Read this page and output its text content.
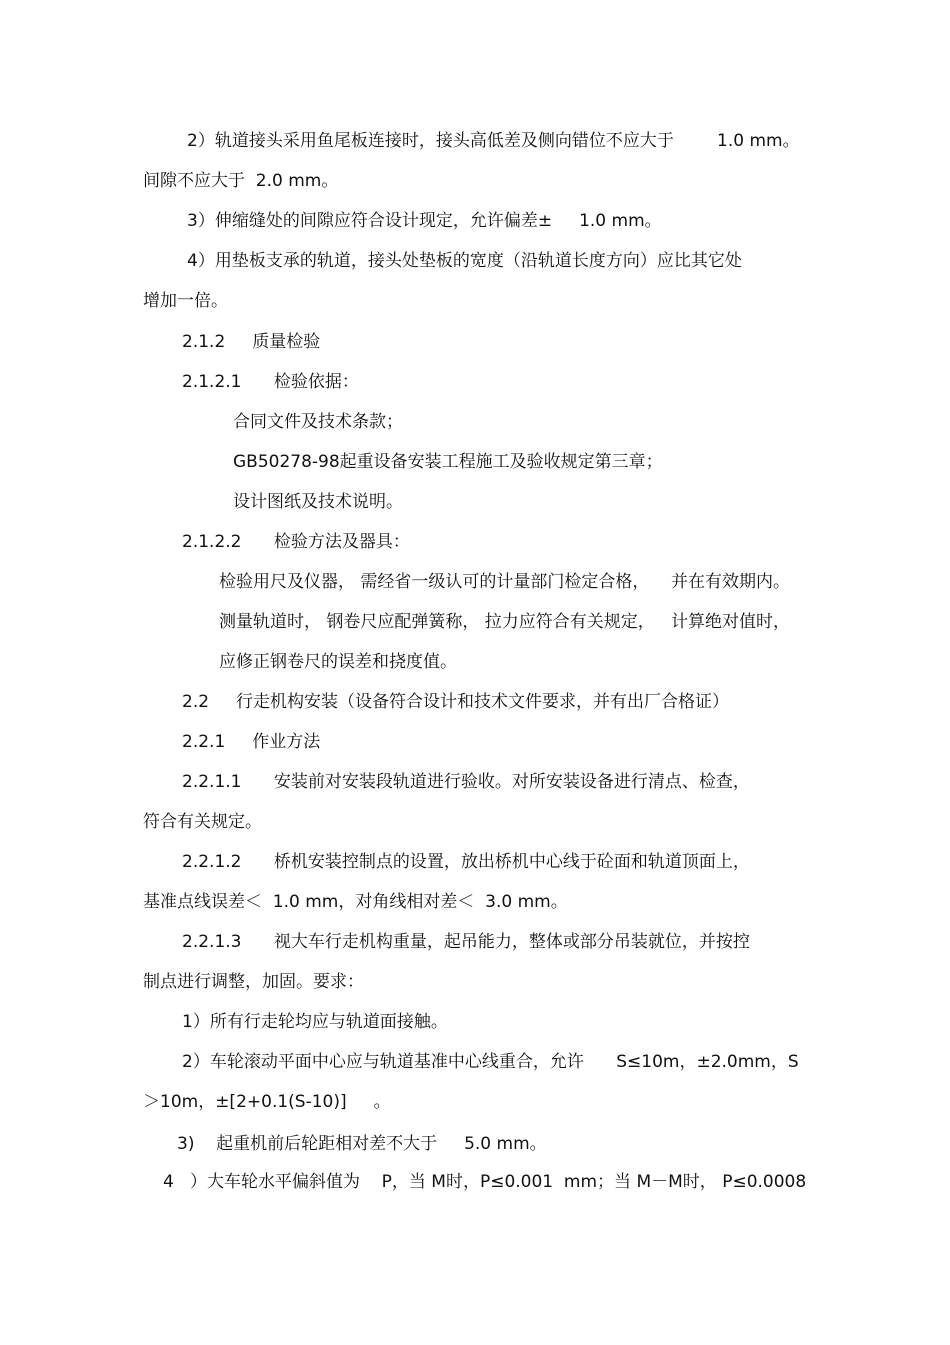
2）轨道接头采用鱼尾板连接时，接头高低差及侧向错位不应大于        1.0 mm。
间隙不应大于  2.0 mm。
3）伸缩缝处的间隙应符合设计现定，允许偏差±     1.0 mm。
4）用垫板支承的轨道，接头处垫板的宽度（沿轨道长度方向）应比其它处
增加一倍。
2.1.2     质量检验
2.1.2.1      检验依据：
合同文件及技术条款；
GB50278-98起重设备安装工程施工及验收规定第三章；
设计图纸及技术说明。
2.1.2.2      检验方法及器具：
检验用尺及仪器， 需经省一级认可的计量部门检定合格，    并在有效期内。
测量轨道时， 钢卷尺应配弹簧称， 拉力应符合有关规定，   计算绝对值时，
应修正钢卷尺的误差和挠度值。
2.2     行走机构安装（设备符合设计和技术文件要求，并有出厂合格证）
2.2.1     作业方法
2.2.1.1      安装前对安装段轨道进行验收。对所安装设备进行清点、检查，
符合有关规定。
2.2.1.2      桥机安装控制点的设置，放出桥机中心线于砼面和轨道顶面上，
基准点线误差＜  1.0 mm，对角线相对差＜  3.0 mm。
2.2.1.3      视大车行走机构重量，起吊能力，整体或部分吊装就位，并按控
制点进行调整，加固。要求：
1）所有行走轮均应与轨道面接触。
2）车轮滚动平面中心应与轨道基准中心线重合，允许      S≤10m，±2.0mm，S
＞10m，±[2+0.1(S-10)]     。
3)    起重机前后轮距相对差不大于     5.0 mm。
4   ）大车轮水平偏斜值为    P，当 M时，P≤0.001  mm；当 M－M时， P≤0.0008
